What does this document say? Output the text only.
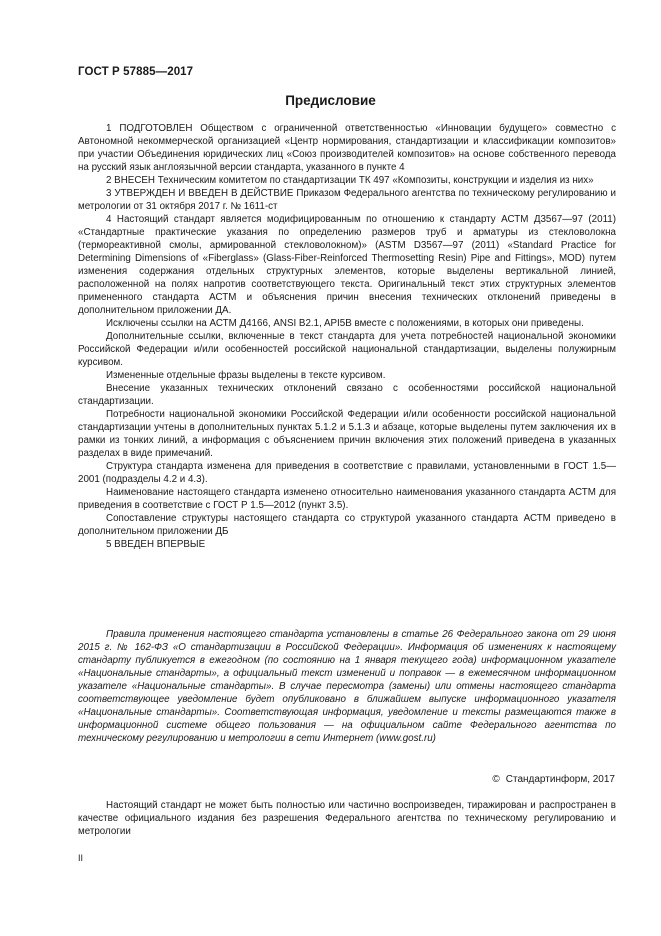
ГОСТ Р 57885—2017
Предисловие

1 ПОДГОТОВЛЕН Обществом с ограниченной ответственностью «Инновации будущего» совместно с Автономной некоммерческой организацией «Центр нормирования, стандартизации и классификации композитов» при участии Объединения юридических лиц «Союз производителей композитов» на основе собственного перевода на русский язык англоязычной версии стандарта, указанного в пункте 4

2 ВНЕСЕН Техническим комитетом по стандартизации ТК 497 «Композиты, конструкции и изделия из них»

3 УТВЕРЖДЕН И ВВЕДЕН В ДЕЙСТВИЕ Приказом Федерального агентства по техническому регулированию и метрологии от 31 октября 2017 г. № 1611-ст

4 Настоящий стандарт является модифицированным по отношению к стандарту АСТМ Д3567—97 (2011) «Стандартные практические указания по определению размеров труб и арматуры из стекловолокна (термореактивной смолы, армированной стекловолокном)» (ASTM D3567—97 (2011) «Standard Practice for Determining Dimensions of «Fiberglass» (Glass-Fiber-Reinforced Thermosetting Resin) Pipe and Fittings», MOD) путем изменения содержания отдельных структурных элементов, которые выделены вертикальной линией, расположенной на полях напротив соответствующего текста. Оригинальный текст этих структурных элементов примененного стандарта АСТМ и объяснения причин внесения технических отклонений приведены в дополнительном приложении ДА.

Исключены ссылки на АСТМ Д4166, ANSI B2.1, API5B вместе с положениями, в которых они приведены.

Дополнительные ссылки, включенные в текст стандарта для учета потребностей национальной экономики Российской Федерации и/или особенностей российской национальной стандартизации, выделены полужирным курсивом.

Измененные отдельные фразы выделены в тексте курсивом.

Внесение указанных технических отклонений связано с особенностями российской национальной стандартизации.

Потребности национальной экономики Российской Федерации и/или особенности российской национальной стандартизации учтены в дополнительных пунктах 5.1.2 и 5.1.3 и абзаце, которые выделены путем заключения их в рамки из тонких линий, а информация с объяснением причин включения этих положений приведена в указанных разделах в виде примечаний.

Структура стандарта изменена для приведения в соответствие с правилами, установленными в ГОСТ 1.5—2001 (подразделы 4.2 и 4.3).

Наименование настоящего стандарта изменено относительно наименования указанного стандарта АСТМ для приведения в соответствие с ГОСТ Р 1.5—2012 (пункт 3.5).

Сопоставление структуры настоящего стандарта со структурой указанного стандарта АСТМ приведено в дополнительном приложении ДБ

5 ВВЕДЕН ВПЕРВЫЕ

Правила применения настоящего стандарта установлены в статье 26 Федерального закона от 29 июня 2015 г. № 162-ФЗ «О стандартизации в Российской Федерации». Информация об изменениях к настоящему стандарту публикуется в ежегодном (по состоянию на 1 января текущего года) информационном указателе «Национальные стандарты», а официальный текст изменений и поправок — в ежемесячном информационном указателе «Национальные стандарты». В случае пересмотра (замены) или отмены настоящего стандарта соответствующее уведомление будет опубликовано в ближайшем выпуске информационного указателя «Национальные стандарты». Соответствующая информация, уведомление и тексты размещаются также в информационной системе общего пользования — на официальном сайте Федерального агентства по техническому регулированию и метрологии в сети Интернет (www.gost.ru)

© Стандартинформ, 2017

Настоящий стандарт не может быть полностью или частично воспроизведен, тиражирован и распространен в качестве официального издания без разрешения Федерального агентства по техническому регулированию и метрологии

II
